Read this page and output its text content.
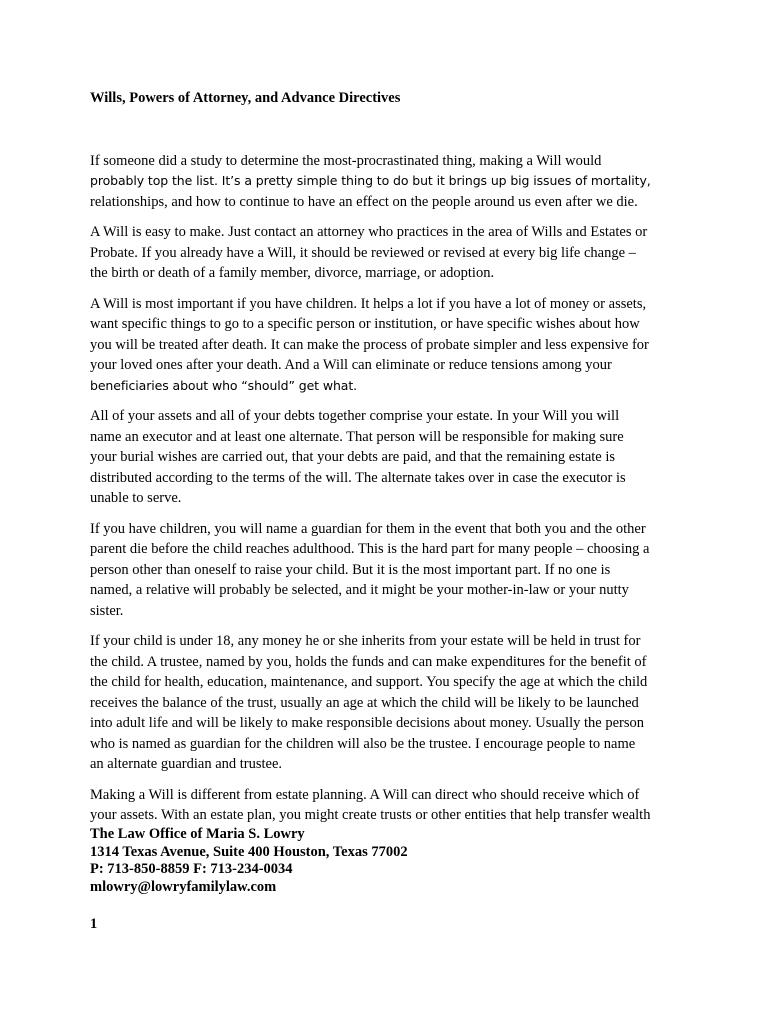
Wills, Powers of Attorney, and Advance Directives
If someone did a study to determine the most-procrastinated thing, making a Will would
probably top the list. It’s a pretty simple thing to do but it brings up big issues of mortality,
relationships, and how to continue to have an effect on the people around us even after we die.
A Will is easy to make. Just contact an attorney who practices in the area of Wills and Estates or
Probate. If you already have a Will, it should be reviewed or revised at every big life change –
the birth or death of a family member, divorce, marriage, or adoption.
A Will is most important if you have children. It helps a lot if you have a lot of money or assets,
want specific things to go to a specific person or institution, or have specific wishes about how
you will be treated after death. It can make the process of probate simpler and less expensive for
your loved ones after your death. And a Will can eliminate or reduce tensions among your
beneficiaries about who “should” get what.
All of your assets and all of your debts together comprise your estate. In your Will you will
name an executor and at least one alternate. That person will be responsible for making sure
your burial wishes are carried out, that your debts are paid, and that the remaining estate is
distributed according to the terms of the will. The alternate takes over in case the executor is
unable to serve.
If you have children, you will name a guardian for them in the event that both you and the other
parent die before the child reaches adulthood. This is the hard part for many people – choosing a
person other than oneself to raise your child. But it is the most important part. If no one is
named, a relative will probably be selected, and it might be your mother-in-law or your nutty
sister.
If your child is under 18, any money he or she inherits from your estate will be held in trust for
the child. A trustee, named by you, holds the funds and can make expenditures for the benefit of
the child for health, education, maintenance, and support. You specify the age at which the child
receives the balance of the trust, usually an age at which the child will be likely to be launched
into adult life and will be likely to make responsible decisions about money. Usually the person
who is named as guardian for the children will also be the trustee. I encourage people to name
an alternate guardian and trustee.
Making a Will is different from estate planning. A Will can direct who should receive which of
your assets. With an estate plan, you might create trusts or other entities that help transfer wealth
The Law Office of Maria S. Lowry
1314 Texas Avenue, Suite 400 Houston, Texas 77002
P: 713-850-8859 F: 713-234-0034
mlowry@lowryfamilylaw.com
1
